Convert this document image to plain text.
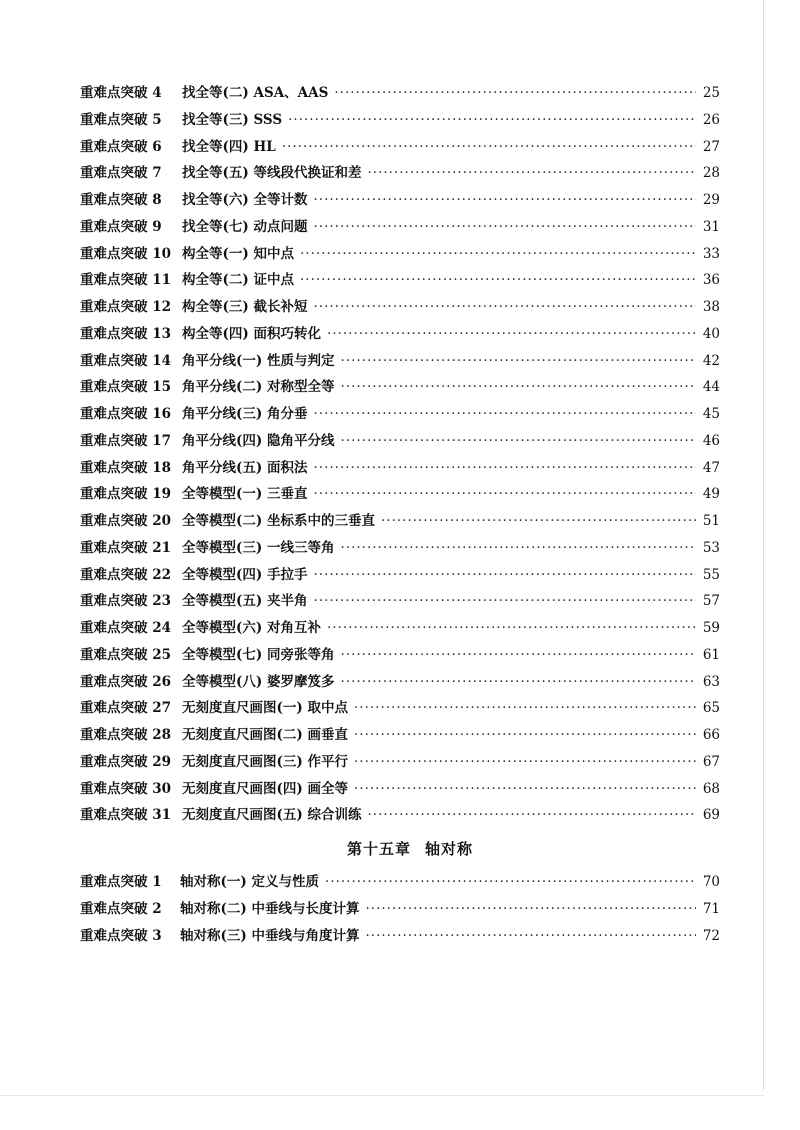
重难点突破 4	找全等(二) ASA、AAS ·····	25
重难点突破 5	找全等(三) SSS ·····	26
重难点突破 6	找全等(四) HL ·····	27
重难点突破 7	找全等(五) 等线段代换证和差 ·····	28
重难点突破 8	找全等(六) 全等计数 ·····	29
重难点突破 9	找全等(七) 动点问题 ·····	31
重难点突破 10 构全等(一) 知中点 ·····	33
重难点突破 11 构全等(二) 证中点 ·····	36
重难点突破 12 构全等(三) 截长补短 ·····	38
重难点突破 13 构全等(四) 面积巧转化 ·····	40
重难点突破 14 角平分线(一) 性质与判定 ·····	42
重难点突破 15 角平分线(二) 对称型全等 ·····	44
重难点突破 16 角平分线(三) 角分垂 ·····	45
重难点突破 17 角平分线(四) 隐角平分线 ·····	46
重难点突破 18 角平分线(五) 面积法 ·····	47
重难点突破 19 全等模型(一) 三垂直 ·····	49
重难点突破 20 全等模型(二) 坐标系中的三垂直 ·····	51
重难点突破 21 全等模型(三) 一线三等角 ·····	53
重难点突破 22 全等模型(四) 手拉手 ·····	55
重难点突破 23 全等模型(五) 夹半角 ·····	57
重难点突破 24 全等模型(六) 对角互补 ·····	59
重难点突破 25 全等模型(七) 同旁张等角 ·····	61
重难点突破 26 全等模型(八) 婆罗摩笈多 ·····	63
重难点突破 27 无刻度直尺画图(一) 取中点 ·····	65
重难点突破 28 无刻度直尺画图(二) 画垂直 ·····	66
重难点突破 29 无刻度直尺画图(三) 作平行 ·····	67
重难点突破 30 无刻度直尺画图(四) 画全等 ·····	68
重难点突破 31 无刻度直尺画图(五) 综合训练 ·····	69
第十五章 轴对称
重难点突破 1	轴对称(一) 定义与性质 ·····	70
重难点突破 2	轴对称(二) 中垂线与长度计算 ·····	71
重难点突破 3	轴对称(三) 中垂线与角度计算 ·····	72
